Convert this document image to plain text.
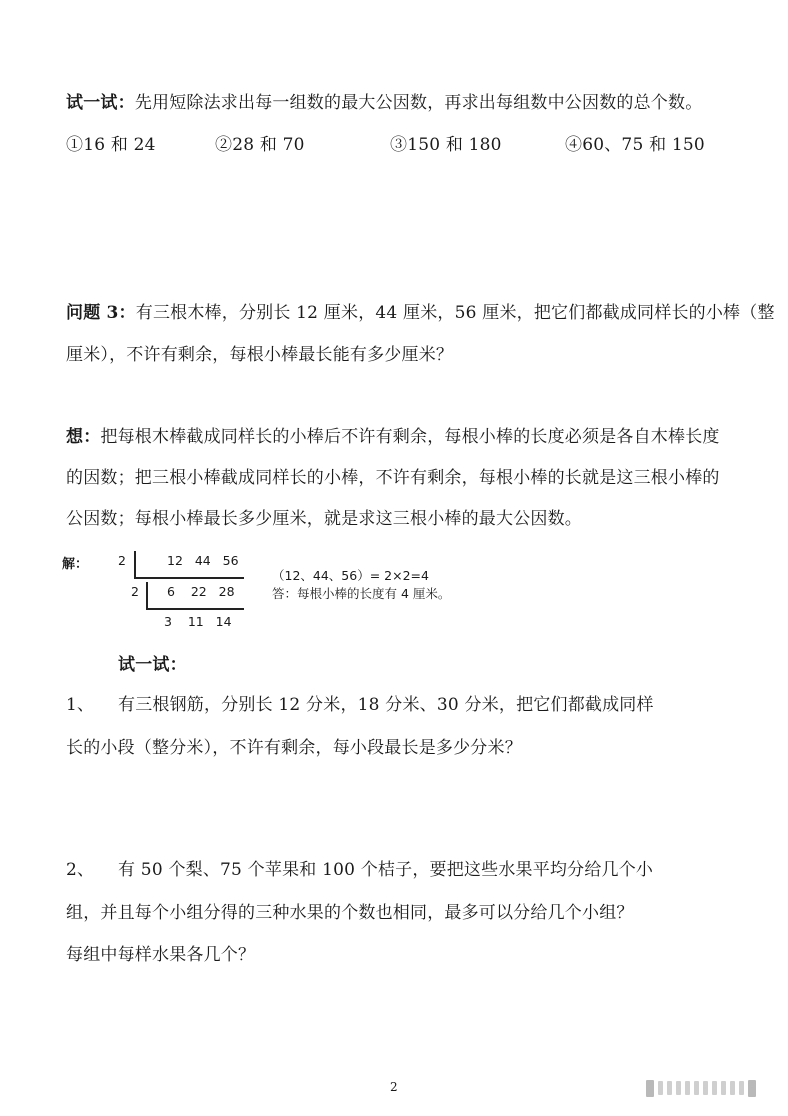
试一试：先用短除法求出每一组数的最大公因数，再求出每组数中公因数的总个数。
①16 和 24	②28 和 70	③150 和 180	④60、75 和 150
问题 3：有三根木棒，分别长 12 厘米，44 厘米，56 厘米，把它们都截成同样长的小棒（整
厘米），不许有剩余，每根小棒最长能有多少厘米？
想：把每根木棒截成同样长的小棒后不许有剩余，每根小棒的长度必须是各自木棒长度
的因数；把三根小棒截成同样长的小棒，不许有剩余，每根小棒的长就是这三根小棒的
公因数；每根小棒最长多少厘米，就是求这三根小棒的最大公因数。
解： 2	12   44   56
2 6    22   28
3    11   14
（12、44、56）= 2×2=4
答：每根小棒的长度有 4 厘米。
试一试：
1、 有三根钢筋，分别长 12 分米，18 分米、30 分米，把它们都截成同样
长的小段（整分米），不许有剩余，每小段最长是多少分米？
2、 有 50 个梨、75 个苹果和 100 个桔子，要把这些水果平均分给几个小
组，并且每个小组分得的三种水果的个数也相同，最多可以分给几个小组？
每组中每样水果各几个？
2
